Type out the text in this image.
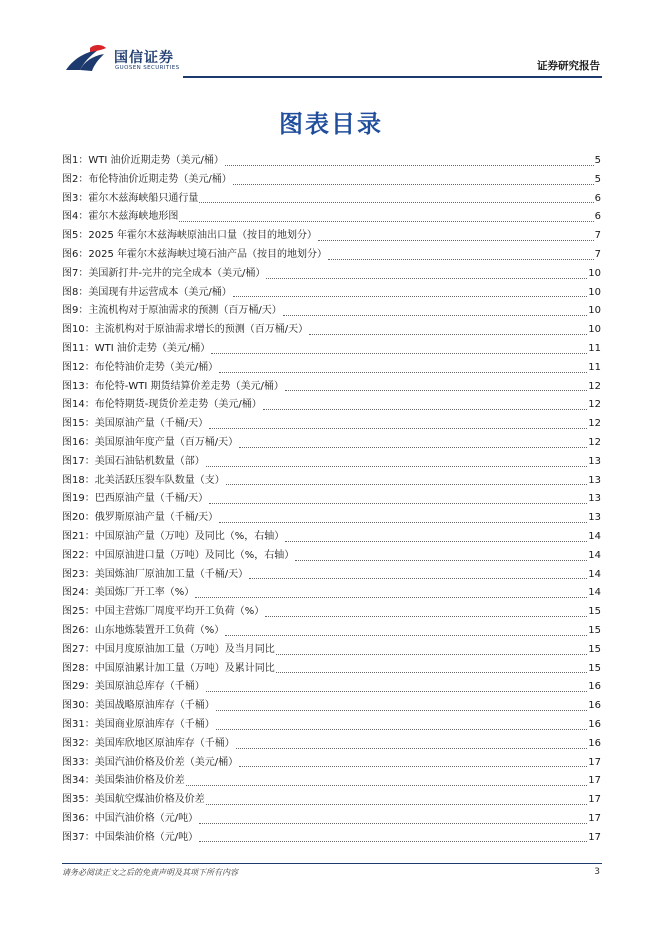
国信证券
GUOSEN SECURITIES	证券研究报告
图表目录
图1： WTI 油价近期走势（美元/桶）	5
图2： 布伦特油价近期走势（美元/桶）	5
图3： 霍尔木兹海峡船只通行量	6
图4： 霍尔木兹海峡地形图	6
图5： 2025 年霍尔木兹海峡原油出口量（按目的地划分）	7
图6： 2025 年霍尔木兹海峡过境石油产品（按目的地划分）	7
图7： 美国新打井-完井的完全成本（美元/桶）	10
图8： 美国现有井运营成本（美元/桶）	10
图9： 主流机构对于原油需求的预测（百万桶/天）	10
图10： 主流机构对于原油需求增长的预测（百万桶/天）	10
图11： WTI 油价走势（美元/桶）	11
图12： 布伦特油价走势（美元/桶）	11
图13： 布伦特-WTI 期货结算价差走势（美元/桶）	12
图14： 布伦特期货-现货价差走势（美元/桶）	12
图15： 美国原油产量（千桶/天）	12
图16： 美国原油年度产量（百万桶/天）	12
图17： 美国石油钻机数量（部）	13
图18： 北美活跃压裂车队数量（支）	13
图19： 巴西原油产量（千桶/天）	13
图20： 俄罗斯原油产量（千桶/天）	13
图21： 中国原油产量（万吨）及同比（%，右轴）	14
图22： 中国原油进口量（万吨）及同比（%，右轴）	14
图23： 美国炼油厂原油加工量（千桶/天）	14
图24： 美国炼厂开工率（%）	14
图25： 中国主营炼厂周度平均开工负荷（%）	15
图26： 山东地炼装置开工负荷（%）	15
图27： 中国月度原油加工量（万吨）及当月同比	15
图28： 中国原油累计加工量（万吨）及累计同比	15
图29： 美国原油总库存（千桶）	16
图30： 美国战略原油库存（千桶）	16
图31： 美国商业原油库存（千桶）	16
图32： 美国库欣地区原油库存（千桶）	16
图33： 美国汽油价格及价差（美元/桶）	17
图34： 美国柴油价格及价差	17
图35： 美国航空煤油价格及价差	17
图36： 中国汽油价格（元/吨）	17
图37： 中国柴油价格（元/吨）	17
请务必阅读正文之后的免责声明及其项下所有内容	3
